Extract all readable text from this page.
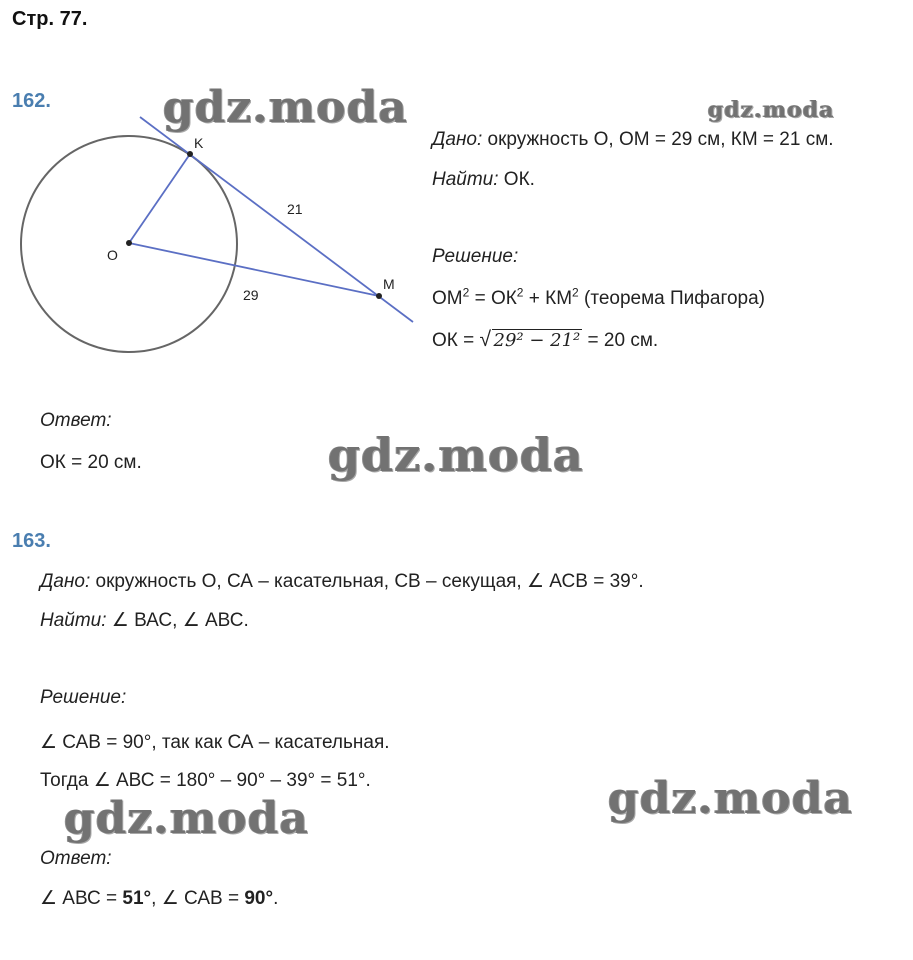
Стр. 77.
162.
K
O
M
21
29
Дано: окружность О, ОМ = 29 см, КМ = 21 см.
Найти: ОК.
Решение:
$ОМ^2 = ОК^2 + КМ^2$ (теорема Пифагора)
ОК = √ 29² − 21² = 20 см.
Ответ:
ОК = 20 см.
163.
Дано: окружность О, СА – касательная, СВ – секущая, ∠ АСВ = 39°.
Найти: ∠ ВАС, ∠ АВС.
Решение:
∠ САВ = 90°, так как СА – касательная.
Тогда ∠ АВС = 180° – 90° – 39° = 51°.
Ответ:
∠ АВС = 51°, ∠ САВ = 90°.
gdz.moda	gdz.moda
gdz.moda
gdz.moda
gdz.moda
